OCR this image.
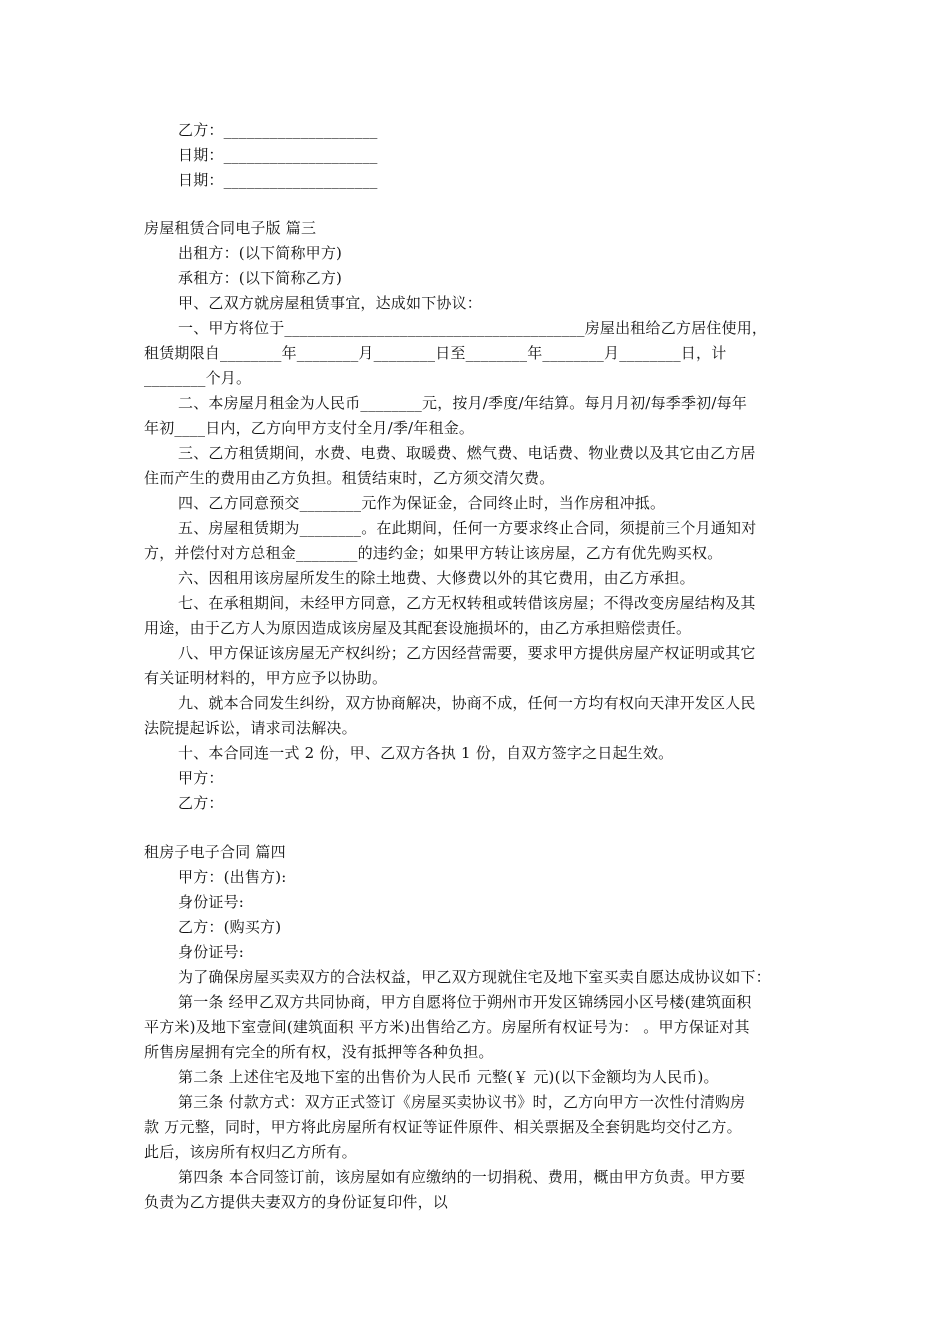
乙方：____________________
日期：____________________
日期：____________________
房屋租赁合同电子版 篇三
出租方：(以下简称甲方)
承租方：(以下简称乙方)
甲、乙双方就房屋租赁事宜，达成如下协议：
一、甲方将位于_______________________________________房屋出租给乙方居住使用，
租赁期限自________年________月________日至________年________月________日，计
________个月。
二、本房屋月租金为人民币________元，按月/季度/年结算。每月月初/每季季初/每年
年初____日内，乙方向甲方支付全月/季/年租金。
三、乙方租赁期间，水费、电费、取暖费、燃气费、电话费、物业费以及其它由乙方居
住而产生的费用由乙方负担。租赁结束时，乙方须交清欠费。
四、乙方同意预交________元作为保证金，合同终止时，当作房租冲抵。
五、房屋租赁期为________。在此期间，任何一方要求终止合同，须提前三个月通知对
方，并偿付对方总租金________的违约金；如果甲方转让该房屋，乙方有优先购买权。
六、因租用该房屋所发生的除土地费、大修费以外的其它费用，由乙方承担。
七、在承租期间，未经甲方同意，乙方无权转租或转借该房屋；不得改变房屋结构及其
用途，由于乙方人为原因造成该房屋及其配套设施损坏的，由乙方承担赔偿责任。
八、甲方保证该房屋无产权纠纷；乙方因经营需要，要求甲方提供房屋产权证明或其它
有关证明材料的，甲方应予以协助。
九、就本合同发生纠纷，双方协商解决，协商不成，任何一方均有权向天津开发区人民
法院提起诉讼，请求司法解决。
十、本合同连一式 2 份，甲、乙双方各执 1 份，自双方签字之日起生效。
甲方：
乙方：
租房子电子合同 篇四
甲方：(出售方):
身份证号:
乙方：(购买方)
身份证号:
为了确保房屋买卖双方的合法权益，甲乙双方现就住宅及地下室买卖自愿达成协议如下：
第一条 经甲乙双方共同协商，甲方自愿将位于朔州市开发区锦绣园小区号楼(建筑面积
平方米)及地下室壹间(建筑面积 平方米)出售给乙方。房屋所有权证号为： 。甲方保证对其
所售房屋拥有完全的所有权，没有抵押等各种负担。
第二条 上述住宅及地下室的出售价为人民币 元整(￥ 元)(以下金额均为人民币)。
第三条 付款方式：双方正式签订《房屋买卖协议书》时，乙方向甲方一次性付清购房
款 万元整，同时，甲方将此房屋所有权证等证件原件、相关票据及全套钥匙均交付乙方。
此后，该房所有权归乙方所有。
第四条 本合同签订前，该房屋如有应缴纳的一切捐税、费用，概由甲方负责。甲方要
负责为乙方提供夫妻双方的身份证复印件，以
